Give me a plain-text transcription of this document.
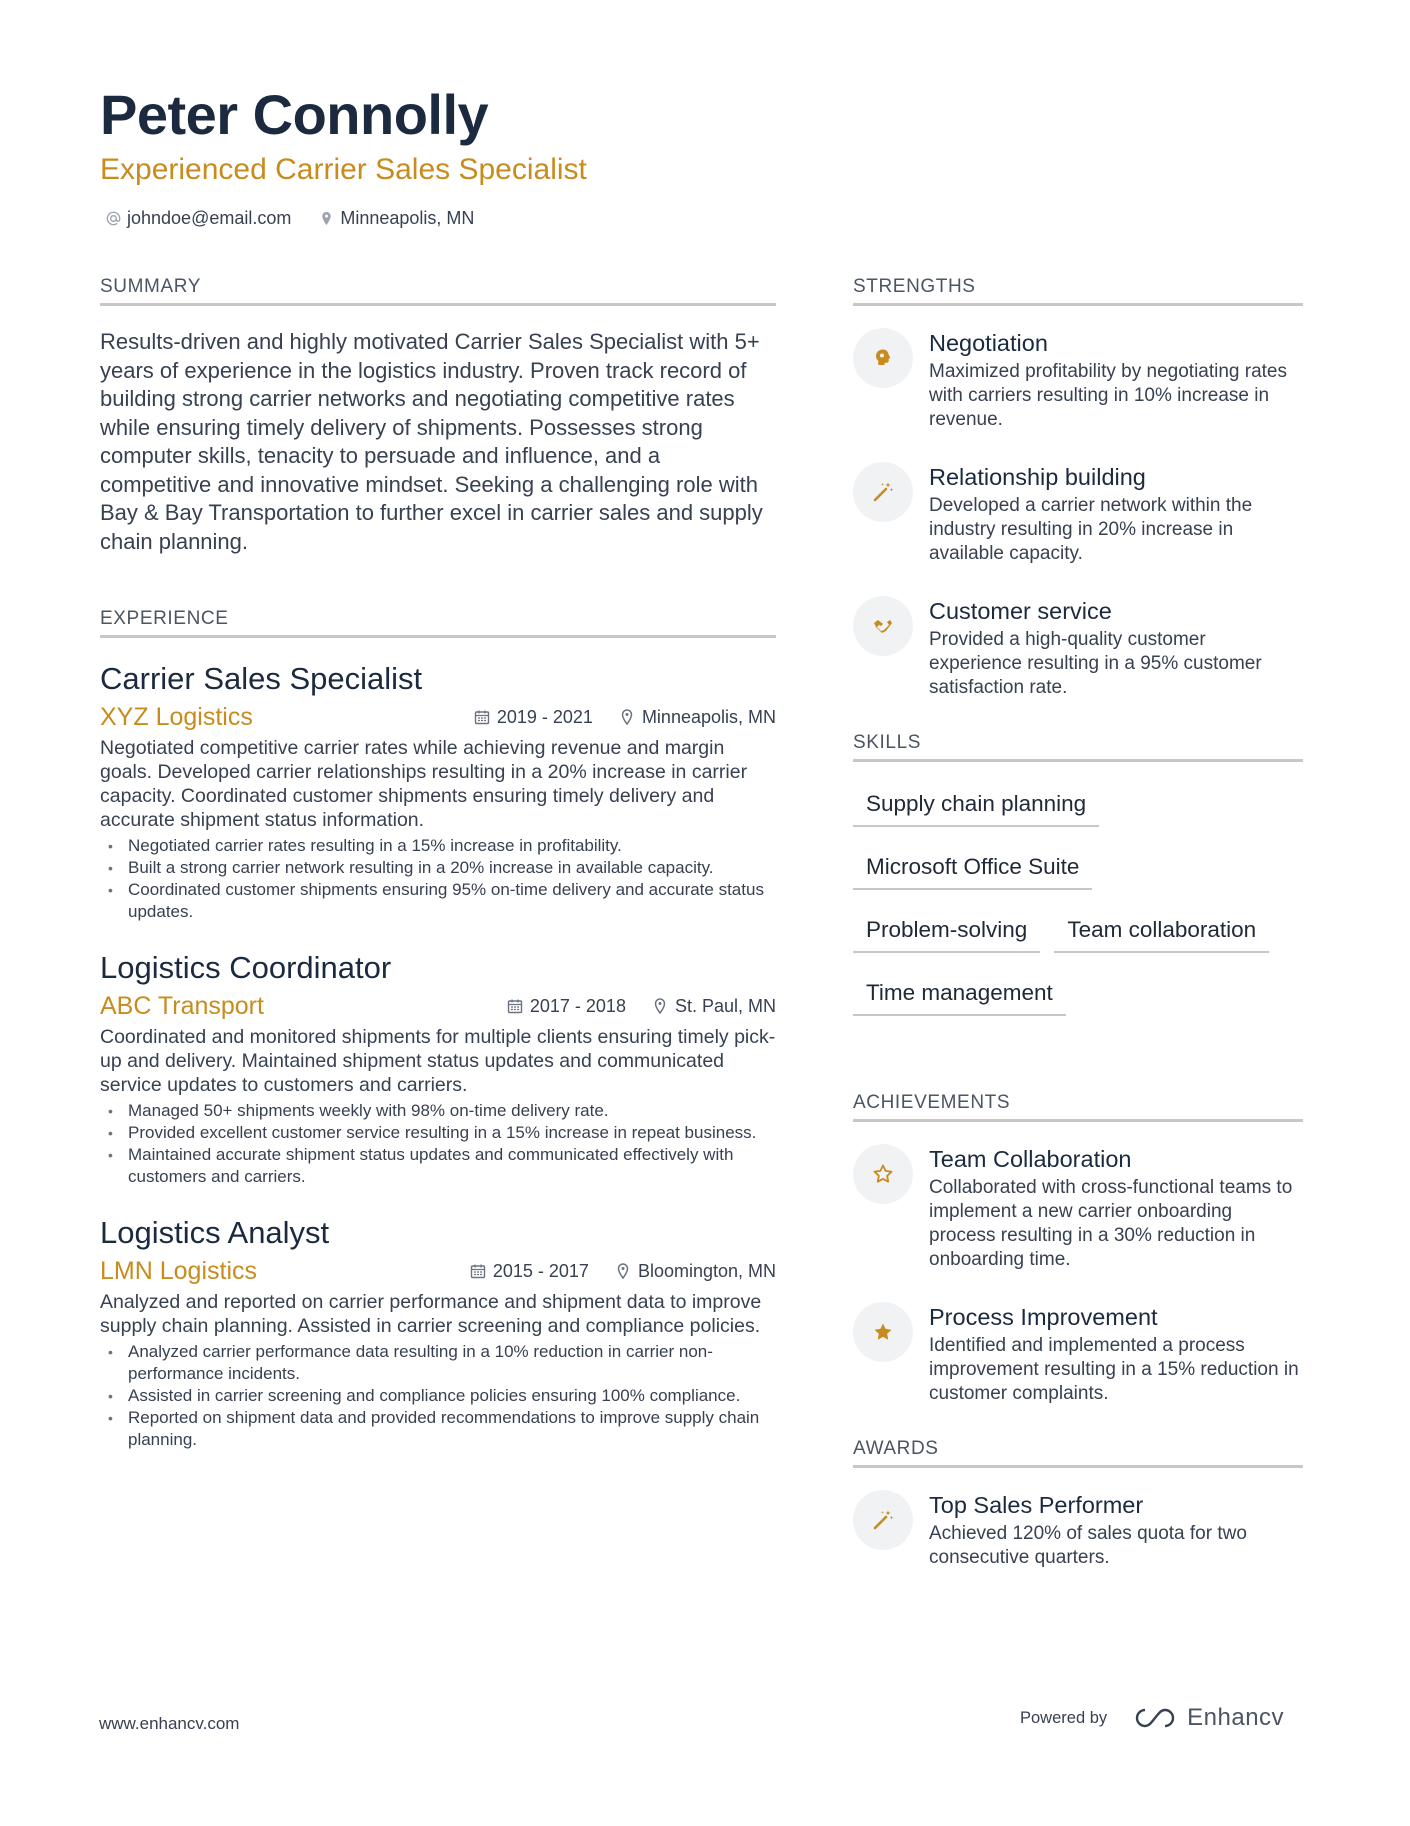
Peter Connolly
Experienced Carrier Sales Specialist
johndoe@email.com	Minneapolis, MN
SUMMARY
Results-driven and highly motivated Carrier Sales Specialist with 5+ years of experience in the logistics industry. Proven track record of building strong carrier networks and negotiating competitive rates while ensuring timely delivery of shipments. Possesses strong computer skills, tenacity to persuade and influence, and a competitive and innovative mindset. Seeking a challenging role with Bay & Bay Transportation to further excel in carrier sales and supply chain planning.
EXPERIENCE
Carrier Sales Specialist
XYZ Logistics	2019 - 2021	Minneapolis, MN
Negotiated competitive carrier rates while achieving revenue and margin goals. Developed carrier relationships resulting in a 20% increase in carrier capacity. Coordinated customer shipments ensuring timely delivery and accurate shipment status information.
• Negotiated carrier rates resulting in a 15% increase in profitability.
• Built a strong carrier network resulting in a 20% increase in available capacity.
• Coordinated customer shipments ensuring 95% on-time delivery and accurate status updates.
Logistics Coordinator
ABC Transport	2017 - 2018	St. Paul, MN
Coordinated and monitored shipments for multiple clients ensuring timely pick-up and delivery. Maintained shipment status updates and communicated service updates to customers and carriers.
• Managed 50+ shipments weekly with 98% on-time delivery rate.
• Provided excellent customer service resulting in a 15% increase in repeat business.
• Maintained accurate shipment status updates and communicated effectively with customers and carriers.
Logistics Analyst
LMN Logistics	2015 - 2017	Bloomington, MN
Analyzed and reported on carrier performance and shipment data to improve supply chain planning. Assisted in carrier screening and compliance policies.
• Analyzed carrier performance data resulting in a 10% reduction in carrier non-performance incidents.
• Assisted in carrier screening and compliance policies ensuring 100% compliance.
• Reported on shipment data and provided recommendations to improve supply chain planning.
STRENGTHS
Negotiation
Maximized profitability by negotiating rates with carriers resulting in 10% increase in revenue.
Relationship building
Developed a carrier network within the industry resulting in 20% increase in available capacity.
Customer service
Provided a high-quality customer experience resulting in a 95% customer satisfaction rate.
SKILLS
Supply chain planning
Microsoft Office Suite
Problem-solving	Team collaboration
Time management
ACHIEVEMENTS
Team Collaboration
Collaborated with cross-functional teams to implement a new carrier onboarding process resulting in a 30% reduction in onboarding time.
Process Improvement
Identified and implemented a process improvement resulting in a 15% reduction in customer complaints.
AWARDS
Top Sales Performer
Achieved 120% of sales quota for two consecutive quarters.
www.enhancv.com	Powered by	Enhancv
